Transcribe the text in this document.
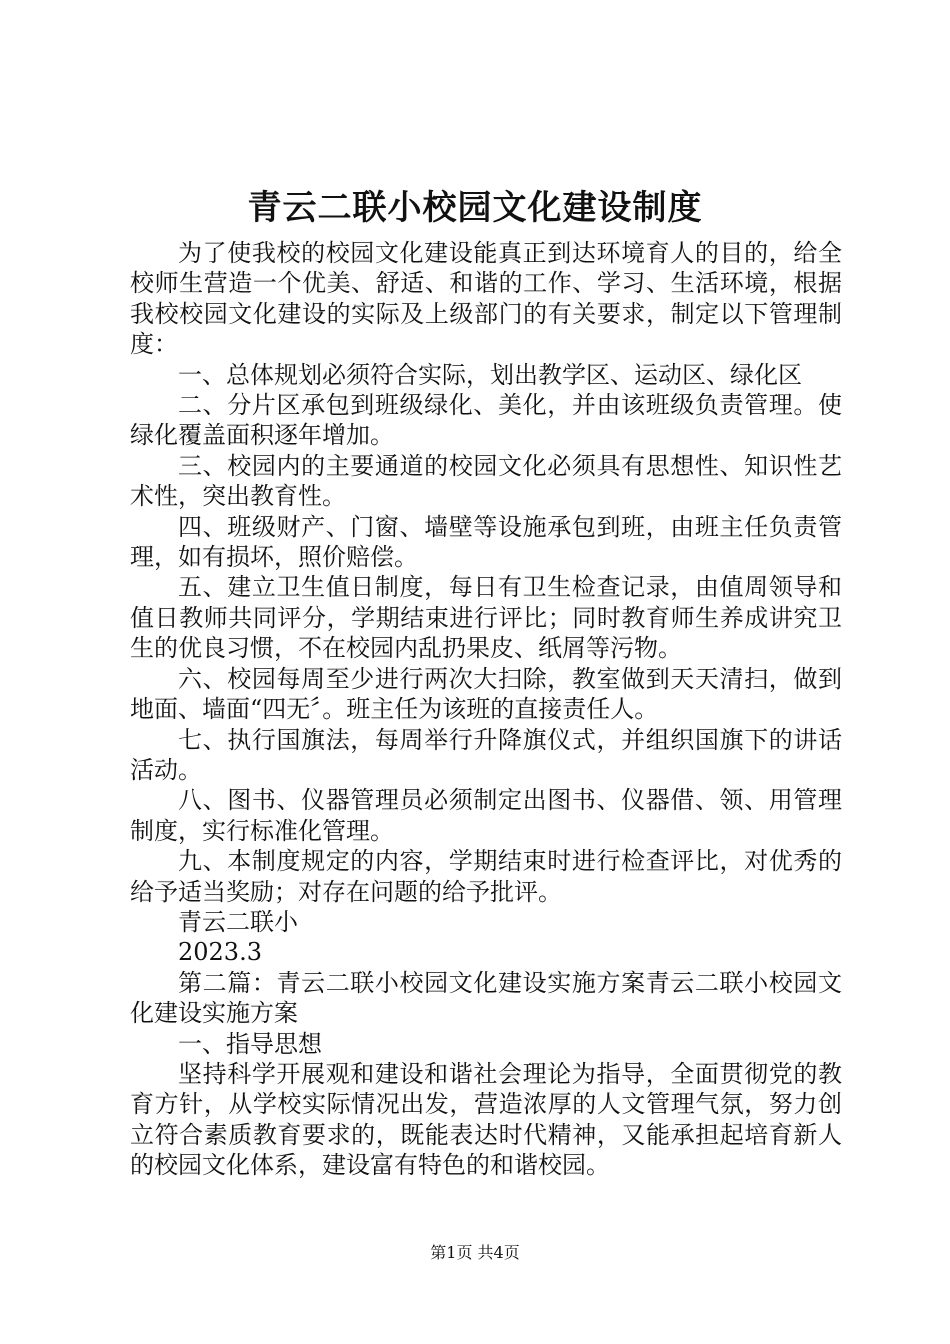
青云二联小校园文化建设制度

为了使我校的校园文化建设能真正到达环境育人的目的，给全校师生营造一个优美、舒适、和谐的工作、学习、生活环境，根据我校校园文化建设的实际及上级部门的有关要求，制定以下管理制度：

一、总体规划必须符合实际，划出教学区、运动区、绿化区

二、分片区承包到班级绿化、美化，并由该班级负责管理。使绿化覆盖面积逐年增加。

三、校园内的主要通道的校园文化必须具有思想性、知识性艺术性，突出教育性。

四、班级财产、门窗、墙壁等设施承包到班，由班主任负责管理，如有损坏，照价赔偿。

五、建立卫生值日制度，每日有卫生检查记录，由值周领导和值日教师共同评分，学期结束进行评比；同时教育师生养成讲究卫生的优良习惯，不在校园内乱扔果皮、纸屑等污物。

六、校园每周至少进行两次大扫除，教室做到天天清扫，做到地面、墙面“四无〞。班主任为该班的直接责任人。

七、执行国旗法，每周举行升降旗仪式，并组织国旗下的讲话活动。

八、图书、仪器管理员必须制定出图书、仪器借、领、用管理制度，实行标准化管理。

九、本制度规定的内容，学期结束时进行检查评比，对优秀的给予适当奖励；对存在问题的给予批评。

青云二联小

2023.3

第二篇：青云二联小校园文化建设实施方案青云二联小校园文化建设实施方案

一、指导思想

坚持科学开展观和建设和谐社会理论为指导，全面贯彻党的教育方针，从学校实际情况出发，营造浓厚的人文管理气氛，努力创立符合素质教育要求的，既能表达时代精神，又能承担起培育新人的校园文化体系，建设富有特色的和谐校园。

第1页 共4页
